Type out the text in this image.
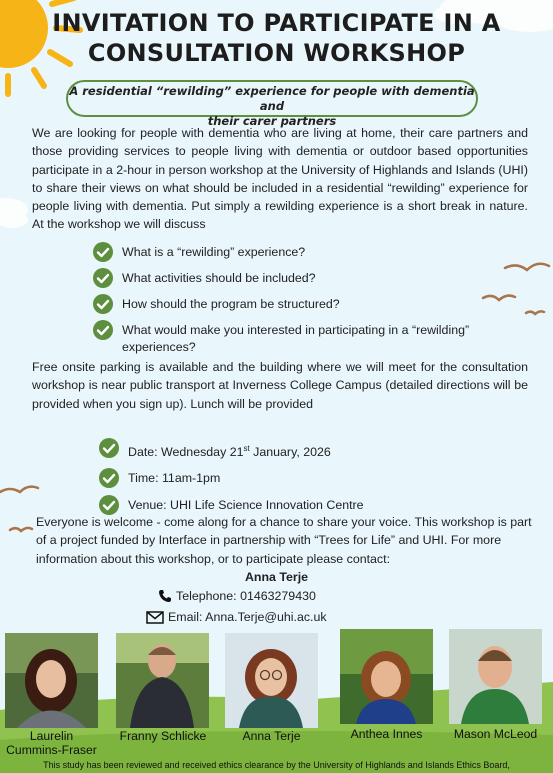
INVITATION TO PARTICIPATE IN A
CONSULTATION WORKSHOP
A residential “rewilding” experience for people with dementia and
their carer partners

We are looking for people with dementia who are living at home, their care partners and those providing services to people living with dementia or outdoor based opportunities participate in a 2-hour in person workshop at the University of Highlands and Islands (UHI) to share their views on what should be included in a residential “rewilding” experience for people living with dementia. Put simply a rewilding experience is a short break in nature. At the workshop we will discuss

What is a “rewilding” experience?
What activities should be included?
How should the program be structured?
What would make you interested in participating in a “rewilding” experiences?

Free onsite parking is available and the building where we will meet for the consultation workshop is near public transport at Inverness College Campus (detailed directions will be provided when you sign up). Lunch will be provided

Date: Wednesday 21st January, 2026
Time: 11am-1pm
Venue: UHI Life Science Innovation Centre

Everyone is welcome - come along for a chance to share your voice. This workshop is part of a project funded by Interface in partnership with “Trees for Life” and UHI. For more information about this workshop, or to participate please contact:

Anna Terje
Telephone: 01463279430
Email: Anna.Terje@uhi.ac.uk
Laurelin
Cummins-Fraser
Franny Schlicke	Anna Terje	Anthea Innes	Mason McLeod
This study has been reviewed and received ethics clearance by the University of Highlands and Islands Ethics Board,
